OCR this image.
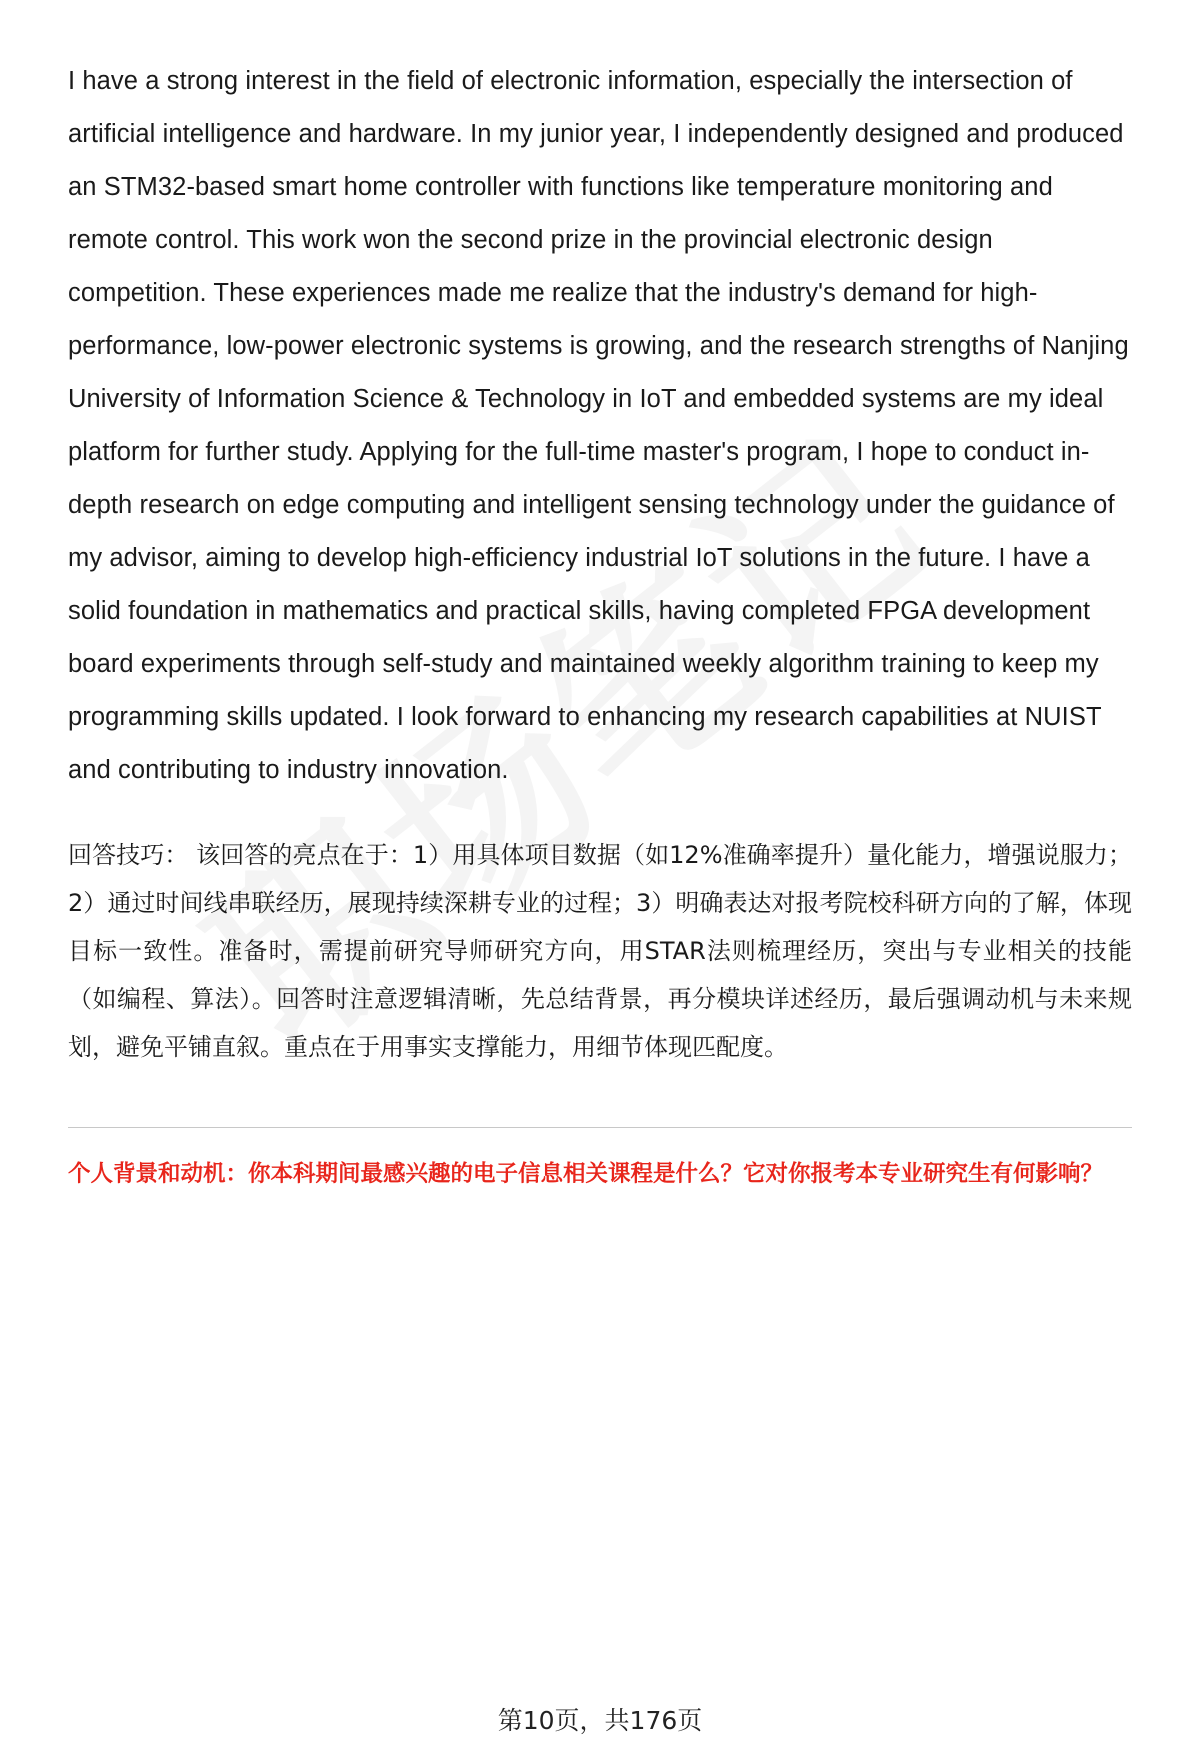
I have a strong interest in the field of electronic information, especially the intersection of artificial intelligence and hardware. In my junior year, I independently designed and produced an STM32-based smart home controller with functions like temperature monitoring and remote control. This work won the second prize in the provincial electronic design competition. These experiences made me realize that the industry's demand for high-performance, low-power electronic systems is growing, and the research strengths of Nanjing University of Information Science & Technology in IoT and embedded systems are my ideal platform for further study. Applying for the full-time master's program, I hope to conduct in-depth research on edge computing and intelligent sensing technology under the guidance of my advisor, aiming to develop high-efficiency industrial IoT solutions in the future. I have a solid foundation in mathematics and practical skills, having completed FPGA development board experiments through self-study and maintained weekly algorithm training to keep my programming skills updated. I look forward to enhancing my research capabilities at NUIST and contributing to industry innovation.

回答技巧： 该回答的亮点在于：1）用具体项目数据（如12%准确率提升）量化能力，增强说服力；2）通过时间线串联经历，展现持续深耕专业的过程；3）明确表达对报考院校科研方向的了解，体现目标一致性。准备时，需提前研究导师研究方向，用STAR法则梳理经历，突出与专业相关的技能（如编程、算法）。回答时注意逻辑清晰，先总结背景，再分模块详述经历，最后强调动机与未来规划，避免平铺直叙。重点在于用事实支撑能力，用细节体现匹配度。

个人背景和动机：你本科期间最感兴趣的电子信息相关课程是什么？它对你报考本专业研究生有何影响？

第10页，共176页
